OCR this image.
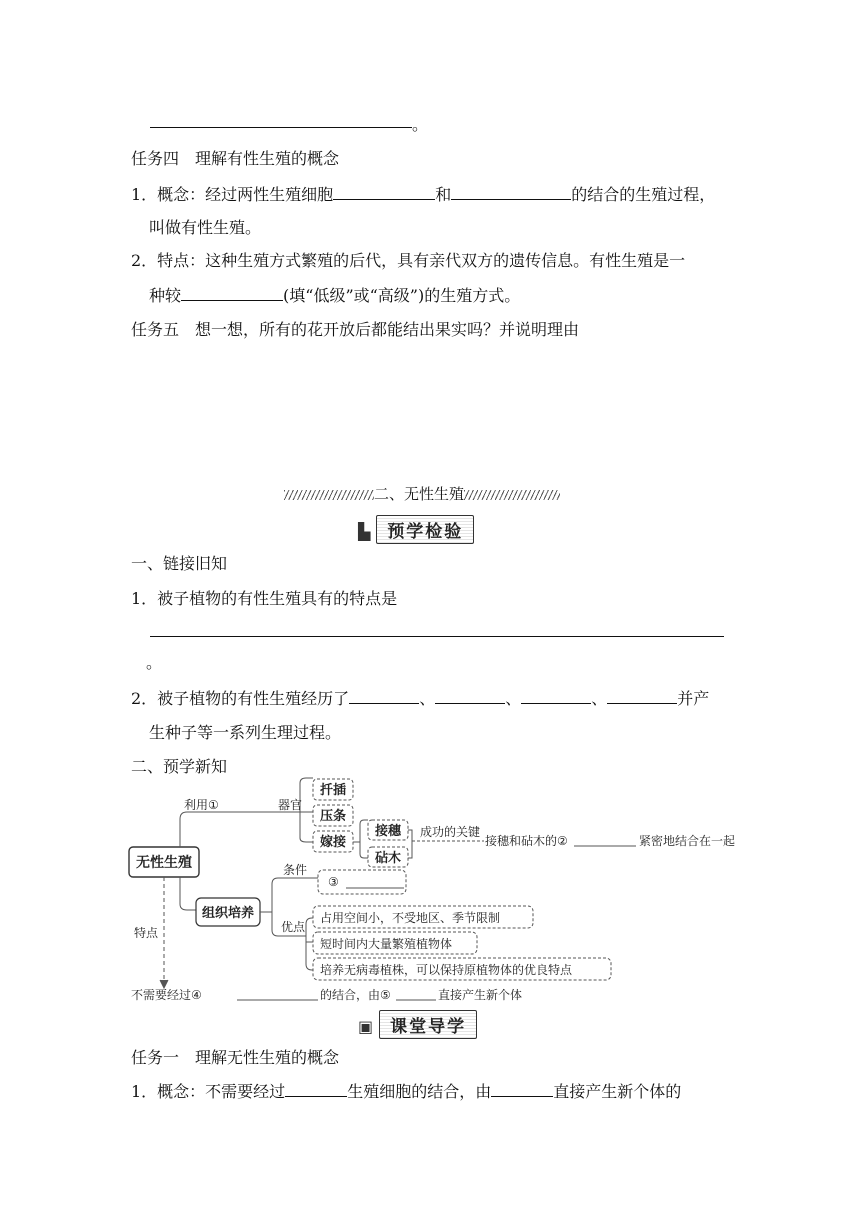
。
任务四　理解有性生殖的概念
1．概念：经过两性生殖细胞	和	的结合的生殖过程，
叫做有性生殖。
2．特点：这种生殖方式繁殖的后代，具有亲代双方的遗传信息。有性生殖是一
种较	(填“低级”或“高级”)的生殖方式。
任务五　想一想，所有的花开放后都能结出果实吗？并说明理由
二、无性生殖
▙ 预学检验
一、链接旧知
1．被子植物的有性生殖具有的特点是
。
2．被子植物的有性生殖经历了	、	、	、	并产
生种子等一系列生理过程。
二、预学新知
无性生殖
利用①	器官
扦插
压条
嫁接
接穗
砧木
成功的关键
接穗和砧木的②	紧密地结合在一起
组织培养
条件
③
优点
占用空间小，不受地区、季节限制
短时间内大量繁殖植物体
培养无病毒植株，可以保持原植物体的优良特点
特点
不需要经过④	的结合，由⑤	直接产生新个体
▣ 课堂导学
任务一　理解无性生殖的概念
1．概念：不需要经过	生殖细胞的结合，由	直接产生新个体的
